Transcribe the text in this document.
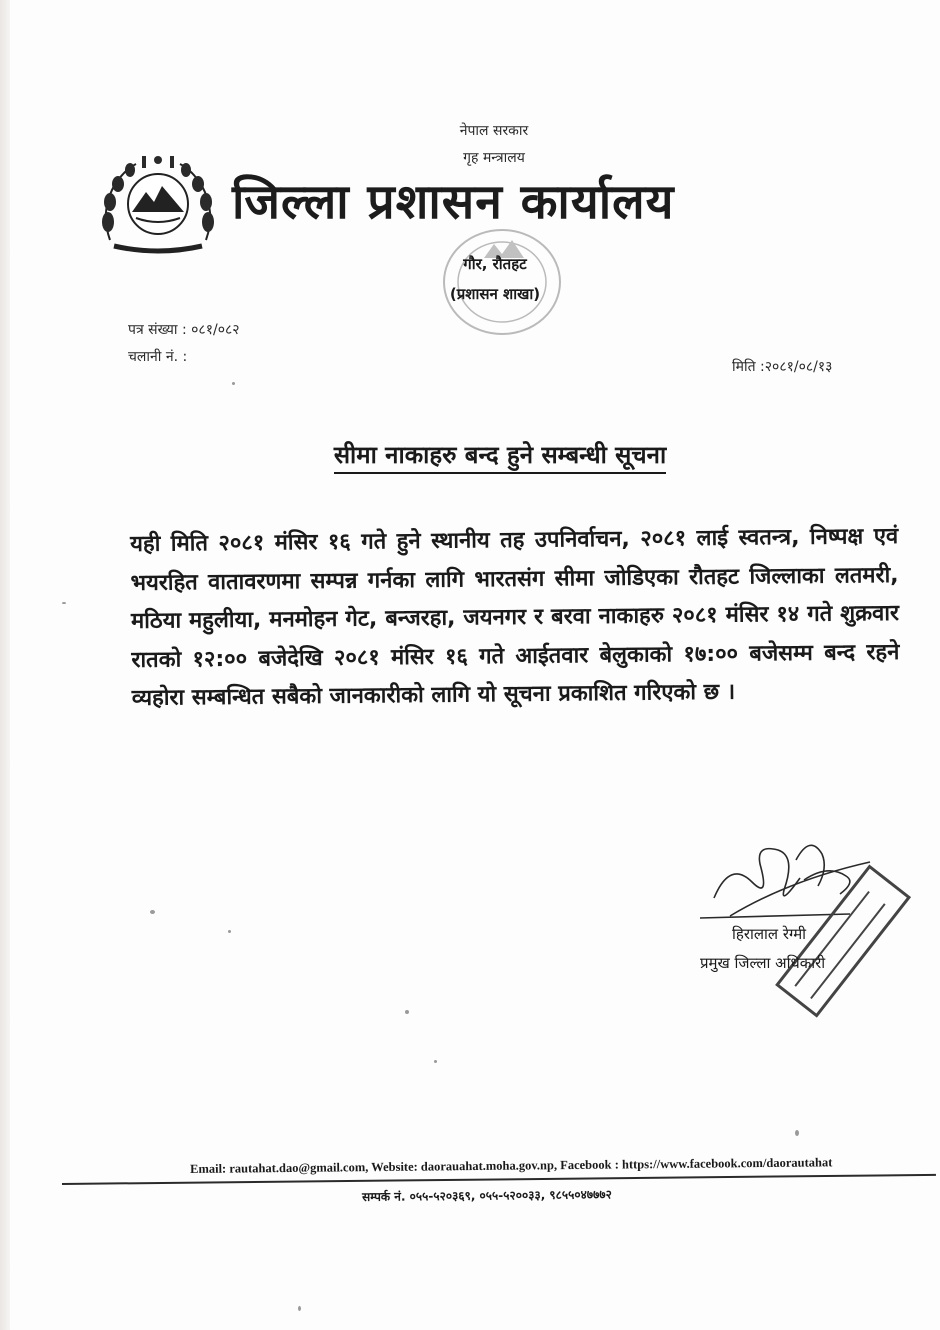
नेपाल सरकार
गृह मन्त्रालय
जिल्ला प्रशासन कार्यालय
गौर, रौतहट
(प्रशासन शाखा)
पत्र संख्या : ०८१/०८२
चलानी नं. :
मिति :२०८१/०८/१३
सीमा नाकाहरु बन्द हुने सम्बन्धी सूचना
यही मिति २०८१ मंसिर १६ गते हुने स्थानीय तह उपनिर्वाचन, २०८१ लाई स्वतन्त्र, निष्पक्ष एवं भयरहित वातावरणमा सम्पन्न गर्नका लागि भारतसंग सीमा जोडिएका रौतहट जिल्लाका लतमरी, मठिया महुलीया, मनमोहन गेट, बन्जरहा, जयनगर र बरवा नाकाहरु २०८१ मंसिर १४ गते शुक्रवार रातको १२:०० बजेदेखि २०८१ मंसिर १६ गते आईतवार बेलुकाको १७:०० बजेसम्म बन्द रहने व्यहोरा सम्बन्धित सबैको जानकारीको लागि यो सूचना प्रकाशित गरिएको छ ।
हिरालाल रेग्मी
प्रमुख जिल्ला अधिकारी
Email: rautahat.dao@gmail.com, Website: daorauahat.moha.gov.np, Facebook : https://www.facebook.com/daorautahat
सम्पर्क नं. ०५५-५२०३६९, ०५५-५२००३३, ९८५५०४७७७२
